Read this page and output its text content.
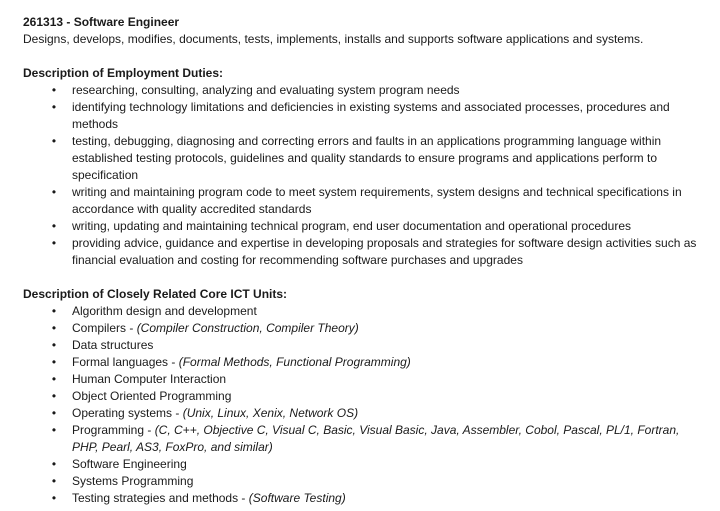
261313 - Software Engineer

Designs, develops, modifies, documents, tests, implements, installs and supports software applications and systems.

Description of Employment Duties:

• researching, consulting, analyzing and evaluating system program needs
• identifying technology limitations and deficiencies in existing systems and associated processes, procedures and methods
• testing, debugging, diagnosing and correcting errors and faults in an applications programming language within established testing protocols, guidelines and quality standards to ensure programs and applications perform to specification
• writing and maintaining program code to meet system requirements, system designs and technical specifications in accordance with quality accredited standards
• writing, updating and maintaining technical program, end user documentation and operational procedures
• providing advice, guidance and expertise in developing proposals and strategies for software design activities such as financial evaluation and costing for recommending software purchases and upgrades

Description of Closely Related Core ICT Units:

• Algorithm design and development
• Compilers - (Compiler Construction, Compiler Theory)
• Data structures
• Formal languages - (Formal Methods, Functional Programming)
• Human Computer Interaction
• Object Oriented Programming
• Operating systems - (Unix, Linux, Xenix, Network OS)
• Programming - (C, C++, Objective C, Visual C, Basic, Visual Basic, Java, Assembler, Cobol, Pascal, PL/1, Fortran, PHP, Pearl, AS3, FoxPro, and similar)
• Software Engineering
• Systems Programming
• Testing strategies and methods - (Software Testing)
